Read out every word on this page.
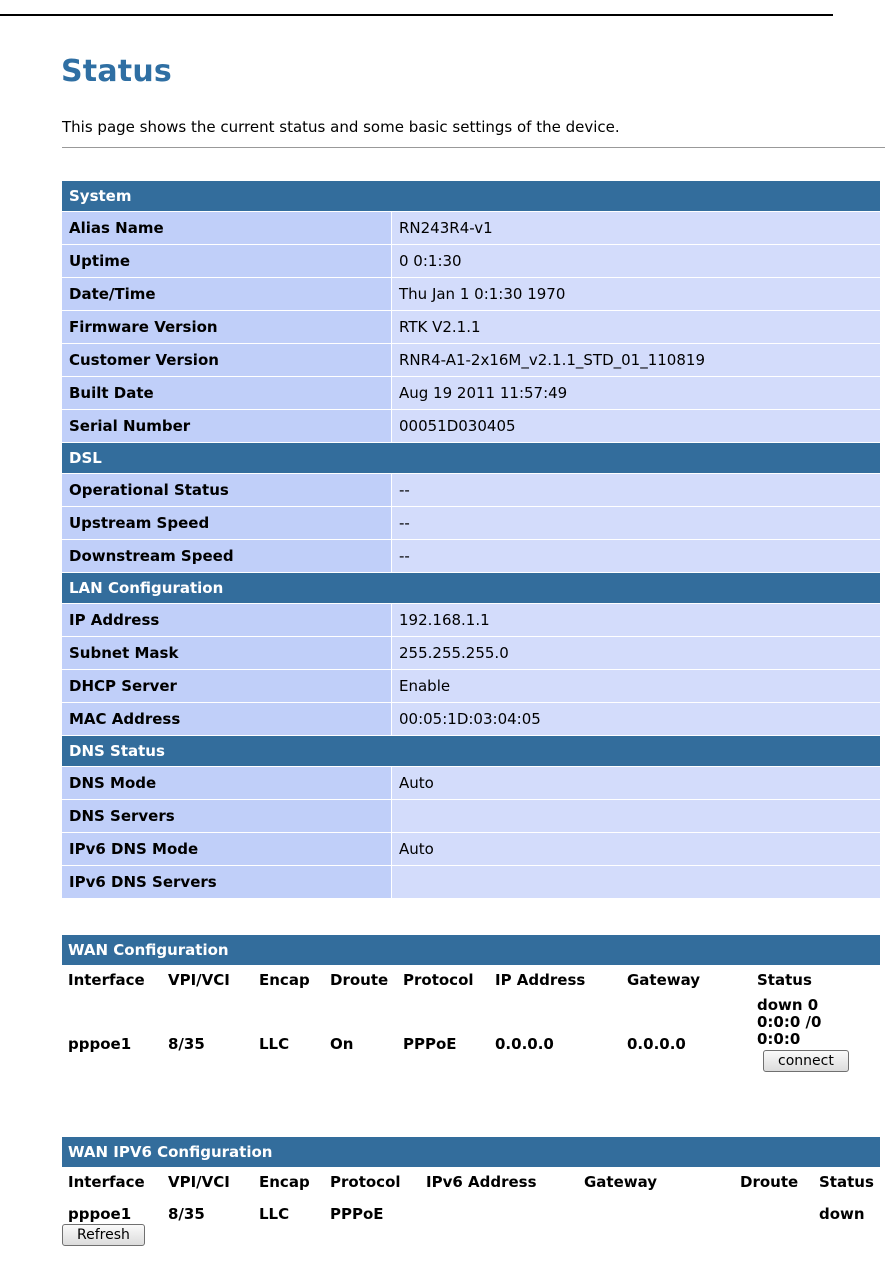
Status
This page shows the current status and some basic settings of the device.
System	
Alias Name	RN243R4-v1
Uptime	0 0:1:30
Date/Time	Thu Jan 1 0:1:30 1970
Firmware Version	RTK V2.1.1
Customer Version	RNR4-A1-2x16M_v2.1.1_STD_01_110819
Built Date	Aug 19 2011 11:57:49
Serial Number	00051D030405
DSL	
Operational Status	--
Upstream Speed	--
Downstream Speed	--
LAN Configuration	
IP Address	192.168.1.1
Subnet Mask	255.255.255.0
DHCP Server	Enable
MAC Address	00:05:1D:03:04:05
DNS Status	
DNS Mode	Auto
DNS Servers	
IPv6 DNS Mode	Auto
IPv6 DNS Servers	
WAN Configuration
Interface	VPI/VCI	Encap	Droute	Protocol	IP Address	Gateway	Status
pppoe1	8/35	LLC	On	PPPoE	0.0.0.0	0.0.0.0	down 0
0:0:0 /0
0:0:0
connect
WAN IPV6 Configuration
Interface	VPI/VCI	Encap	Protocol	IPv6 Address	Gateway	Droute	Status
pppoe1	8/35	LLC	PPPoE				down
Refresh
